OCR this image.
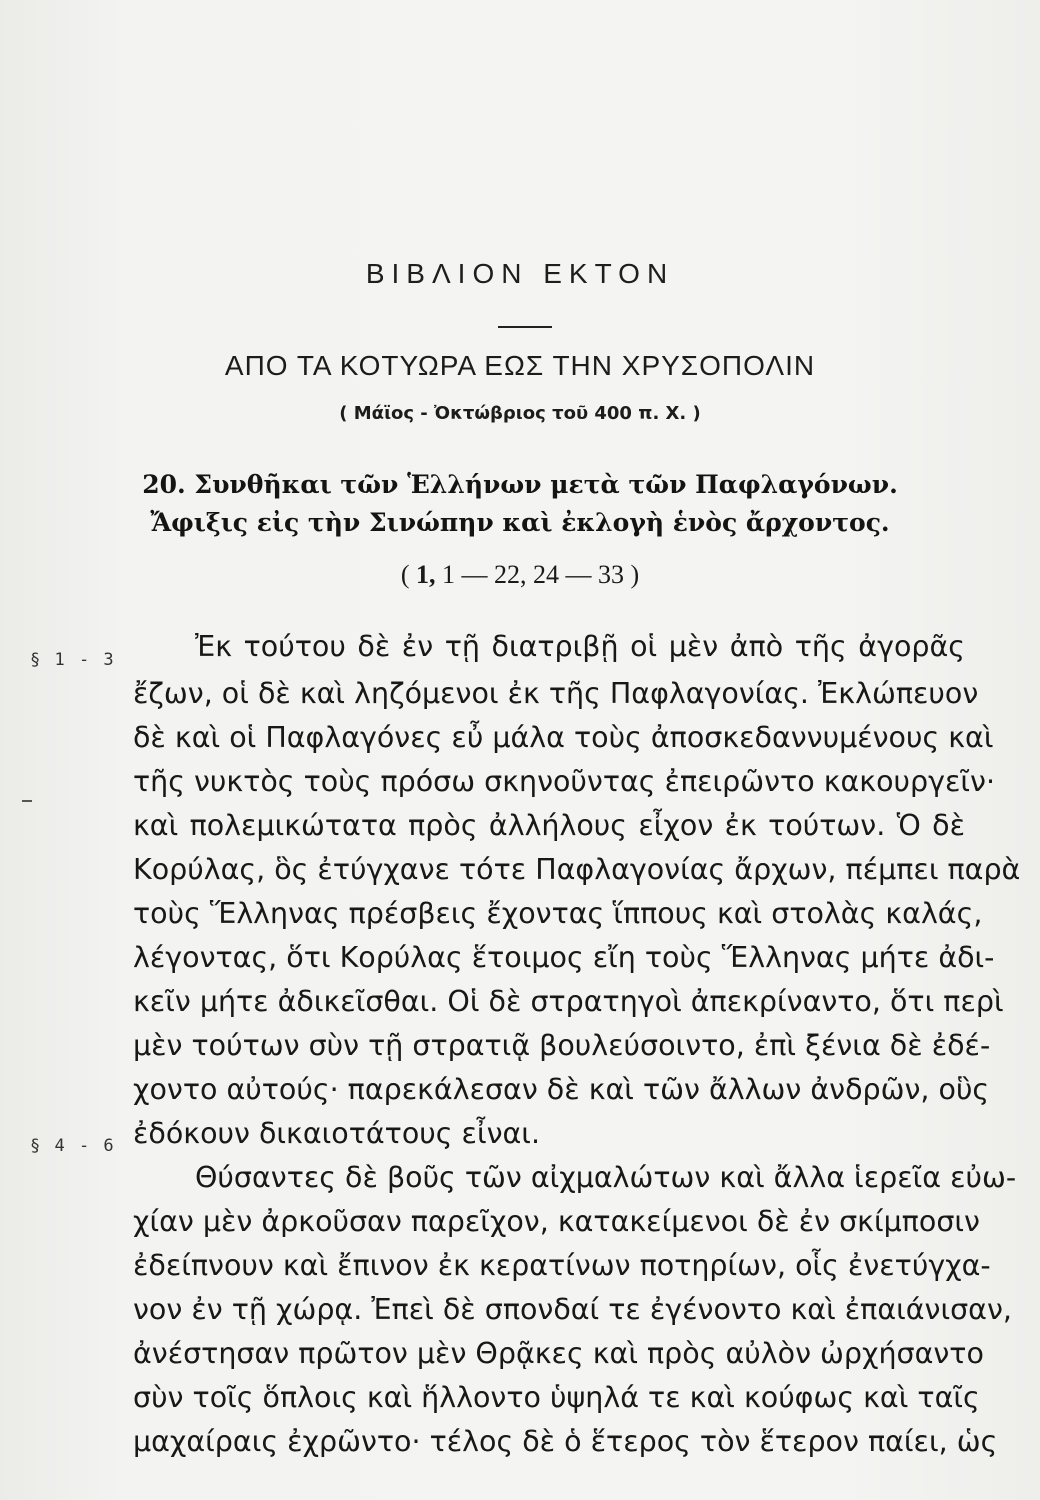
ΒΙΒΛΙΟΝ ΕΚΤΟΝ
ΑΠΟ ΤΑ ΚΟΤΥΩΡΑ ΕΩΣ ΤΗΝ ΧΡΥΣΟΠΟΛΙΝ
( Μάϊος - Ὀκτώβριος τοῦ 400 π. Χ. )
20. Συνθῆκαι τῶν Ἑλλήνων μετὰ τῶν Παφλαγόνων.
Ἄφιξις εἰς τὴν Σινώπην καὶ ἐκλογὴ ἑνὸς ἄρχοντος.
( 1, 1 — 22, 24 — 33 )
§ 1 - 3
§ 4 - 6
Ἐκ τούτου δὲ ἐν τῇ διατριβῇ οἱ μὲν ἀπὸ τῆς ἀγορᾶς
ἔζων, οἱ δὲ καὶ ληζόμενοι ἐκ τῆς Παφλαγονίας. Ἐκλώπευον
δὲ καὶ οἱ Παφλαγόνες εὖ μάλα τοὺς ἀποσκεδαννυμένους καὶ
τῆς νυκτὸς τοὺς πρόσω σκηνοῦντας ἐπειρῶντο κακουργεῖν·
καὶ πολεμικώτατα πρὸς ἀλλήλους εἶχον ἐκ τούτων. Ὁ δὲ
Κορύλας, ὃς ἐτύγχανε τότε Παφλαγονίας ἄρχων, πέμπει παρὰ
τοὺς Ἕλληνας πρέσβεις ἔχοντας ἵππους καὶ στολὰς καλάς,
λέγοντας, ὅτι Κορύλας ἕτοιμος εἴη τοὺς Ἕλληνας μήτε ἀδι-
κεῖν μήτε ἀδικεῖσθαι. Οἱ δὲ στρατηγοὶ ἀπεκρίναντο, ὅτι περὶ
μὲν τούτων σὺν τῇ στρατιᾷ βουλεύσοιντο, ἐπὶ ξένια δὲ ἐδέ-
χοντο αὐτούς· παρεκάλεσαν δὲ καὶ τῶν ἄλλων ἀνδρῶν, οὓς
ἐδόκουν δικαιοτάτους εἶναι.
Θύσαντες δὲ βοῦς τῶν αἰχμαλώτων καὶ ἄλλα ἱερεῖα εὐω-
χίαν μὲν ἀρκοῦσαν παρεῖχον, κατακείμενοι δὲ ἐν σκίμποσιν
ἐδείπνουν καὶ ἔπινον ἐκ κερατίνων ποτηρίων, οἷς ἐνετύγχα-
νον ἐν τῇ χώρᾳ. Ἐπεὶ δὲ σπονδαί τε ἐγένοντο καὶ ἐπαιάνισαν,
ἀνέστησαν πρῶτον μὲν Θρᾷκες καὶ πρὸς αὐλὸν ὠρχήσαντο
σὺν τοῖς ὅπλοις καὶ ἥλλοντο ὑψηλά τε καὶ κούφως καὶ ταῖς
μαχαίραις ἐχρῶντο· τέλος δὲ ὁ ἕτερος τὸν ἕτερον παίει, ὡς
